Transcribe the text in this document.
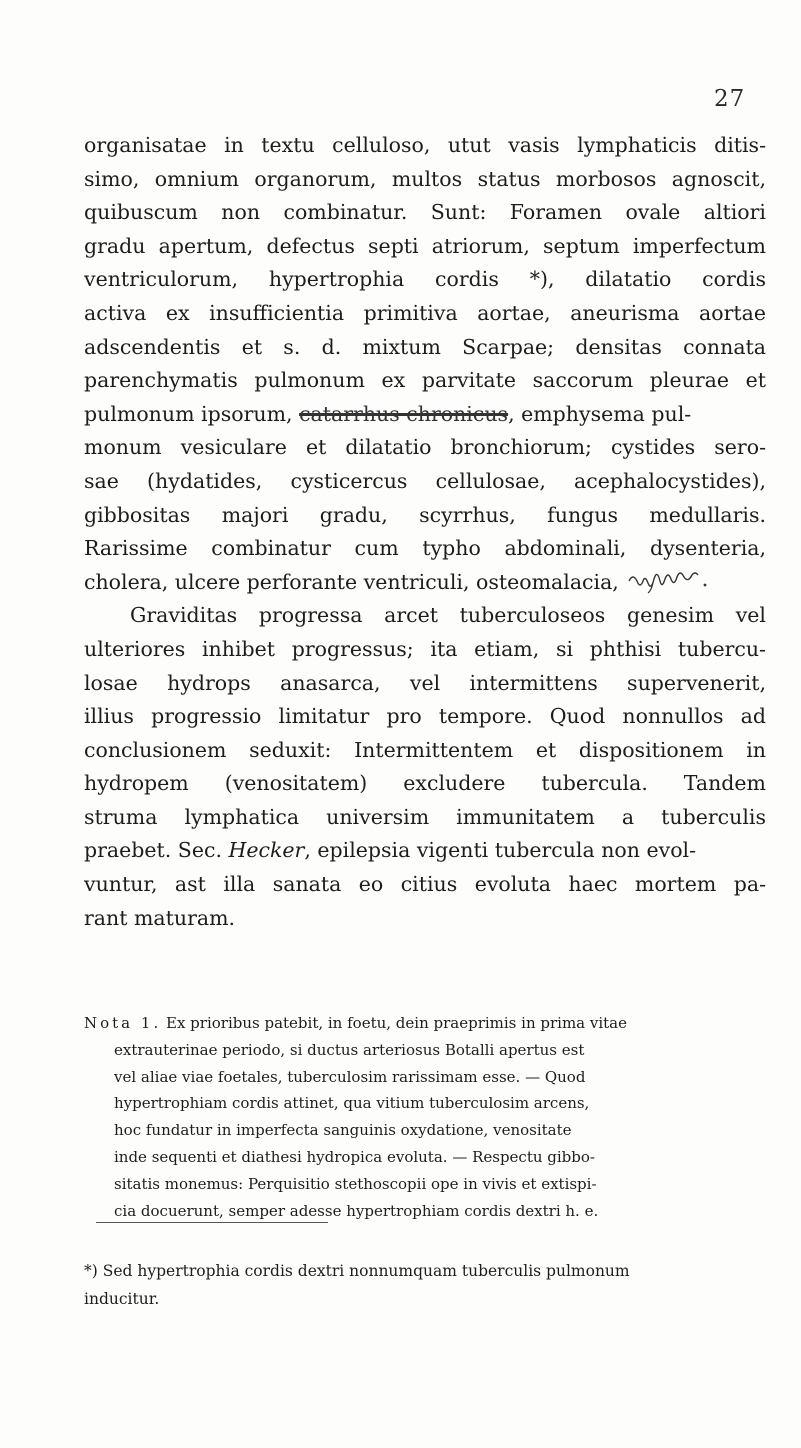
27
organisatae in textu celluloso, utut vasis lymphaticis ditis-
simo, omnium organorum, multos status morbosos agnoscit,
quibuscum non combinatur. Sunt: Foramen ovale altiori
gradu apertum, defectus septi atriorum, septum imperfectum
ventriculorum, hypertrophia cordis *), dilatatio cordis
activa ex insufficientia primitiva aortae, aneurisma aortae
adscendentis et s. d. mixtum Scarpae; densitas connata
parenchymatis pulmonum ex parvitate saccorum pleurae et
pulmonum ipsorum, catarrhus chronicus, emphysema pul-
monum vesiculare et dilatatio bronchiorum; cystides sero-
sae (hydatides, cysticercus cellulosae, acephalocystides),
gibbositas majori gradu, scyrrhus, fungus medullaris.
Rarissime combinatur cum typho abdominali, dysenteria,
cholera, ulcere perforante ventriculi, osteomalacia,
Graviditas progressa arcet tuberculoseos genesim vel
ulteriores inhibet progressus; ita etiam, si phthisi tubercu-
losae hydrops anasarca, vel intermittens supervenerit,
illius progressio limitatur pro tempore. Quod nonnullos ad
conclusionem seduxit: Intermittentem et dispositionem in
hydropem (venositatem) excludere tubercula. Tandem
struma lymphatica universim immunitatem a tuberculis
praebet. Sec. Hecker, epilepsia vigenti tubercula non evol-
vuntur, ast illa sanata eo citius evoluta haec mortem pa-
rant maturam.
Nota 1. Ex prioribus patebit, in foetu, dein praeprimis in prima vitae
extrauterinae periodo, si ductus arteriosus Botalli apertus est
vel aliae viae foetales, tuberculosim rarissimam esse. — Quod
hypertrophiam cordis attinet, qua vitium tuberculosim arcens,
hoc fundatur in imperfecta sanguinis oxydatione, venositate
inde sequenti et diathesi hydropica evoluta. — Respectu gibbo-
sitatis monemus: Perquisitio stethoscopii ope in vivis et extispi-
cia docuerunt, semper adesse hypertrophiam cordis dextri h. e.
*) Sed hypertrophia cordis dextri nonnumquam tuberculis pulmonum
inducitur.
